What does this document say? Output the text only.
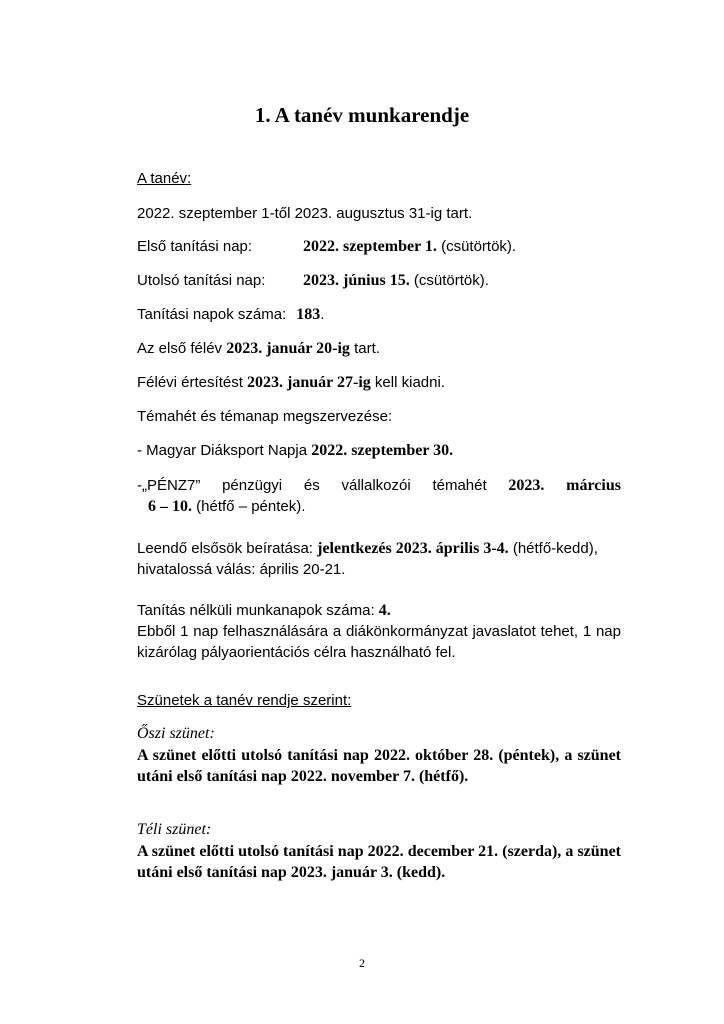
1. A tanév munkarendje
A tanév:
2022. szeptember 1-től 2023. augusztus 31-ig tart.
Első tanítási nap:	2022. szeptember 1. (csütörtök).
Utolsó tanítási nap: 2023. június 15. (csütörtök).
Tanítási napok száma: 183.
Az első félév 2023. január 20-ig tart.
Félévi értesítést 2023. január 27-ig kell kiadni.
Témahét és témanap megszervezése:
- Magyar Diáksport Napja 2022. szeptember 30.
-„PÉNZ7” pénzügyi és vállalkozói témahét 2023. március
6 – 10. (hétfő – péntek).
Leendő elsősök beíratása: jelentkezés 2023. április 3-4. (hétfő-kedd),
hivatalossá válás: április 20-21.
Tanítás nélküli munkanapok száma: 4.
Ebből 1 nap felhasználására a diákönkormányzat javaslatot tehet, 1 nap kizárólag pályaorientációs célra használható fel.
Szünetek a tanév rendje szerint:
Őszi szünet:
A szünet előtti utolsó tanítási nap 2022. október 28. (péntek), a szünet utáni első tanítási nap 2022. november 7. (hétfő).
Téli szünet:
A szünet előtti utolsó tanítási nap 2022. december 21. (szerda), a szünet utáni első tanítási nap 2023. január 3. (kedd).
2
